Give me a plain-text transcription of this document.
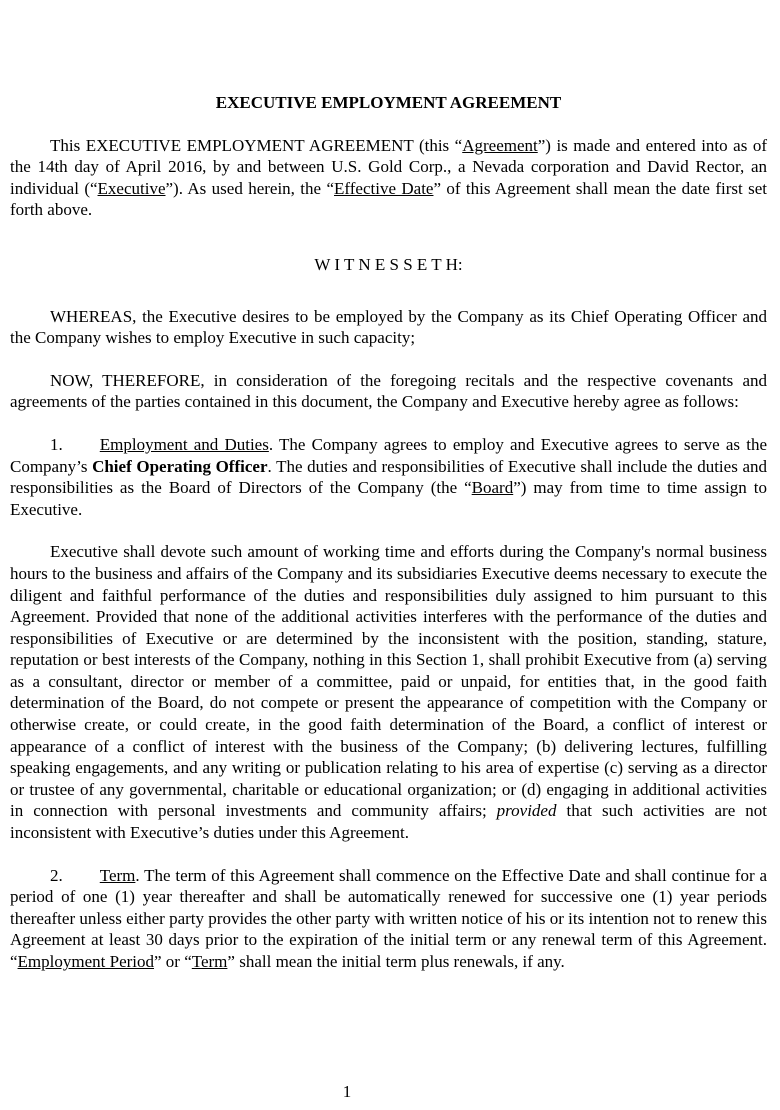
EXECUTIVE EMPLOYMENT AGREEMENT

This EXECUTIVE EMPLOYMENT AGREEMENT (this “Agreement”) is made and entered into as of the 14th day of April 2016, by and between U.S. Gold Corp., a Nevada corporation and David Rector, an individual (“Executive”). As used herein, the “Effective Date” of this Agreement shall mean the date first set forth above.

W I T N E S S E T H:

WHEREAS, the Executive desires to be employed by the Company as its Chief Operating Officer and the Company wishes to employ Executive in such capacity;

NOW, THEREFORE, in consideration of the foregoing recitals and the respective covenants and agreements of the parties contained in this document, the Company and Executive hereby agree as follows:

1. Employment and Duties. The Company agrees to employ and Executive agrees to serve as the Company’s Chief Operating Officer. The duties and responsibilities of Executive shall include the duties and responsibilities as the Board of Directors of the Company (the “Board”) may from time to time assign to Executive.

Executive shall devote such amount of working time and efforts during the Company's normal business hours to the business and affairs of the Company and its subsidiaries Executive deems necessary to execute the diligent and faithful performance of the duties and responsibilities duly assigned to him pursuant to this Agreement. Provided that none of the additional activities interferes with the performance of the duties and responsibilities of Executive or are determined by the inconsistent with the position, standing, stature, reputation or best interests of the Company, nothing in this Section 1, shall prohibit Executive from (a) serving as a consultant, director or member of a committee, paid or unpaid, for entities that, in the good faith determination of the Board, do not compete or present the appearance of competition with the Company or otherwise create, or could create, in the good faith determination of the Board, a conflict of interest or appearance of a conflict of interest with the business of the Company; (b) delivering lectures, fulfilling speaking engagements, and any writing or publication relating to his area of expertise (c) serving as a director or trustee of any governmental, charitable or educational organization; or (d) engaging in additional activities in connection with personal investments and community affairs; provided that such activities are not inconsistent with Executive’s duties under this Agreement.

2. Term. The term of this Agreement shall commence on the Effective Date and shall continue for a period of one (1) year thereafter and shall be automatically renewed for successive one (1) year periods thereafter unless either party provides the other party with written notice of his or its intention not to renew this Agreement at least 30 days prior to the expiration of the initial term or any renewal term of this Agreement. “Employment Period” or “Term” shall mean the initial term plus renewals, if any.

1
